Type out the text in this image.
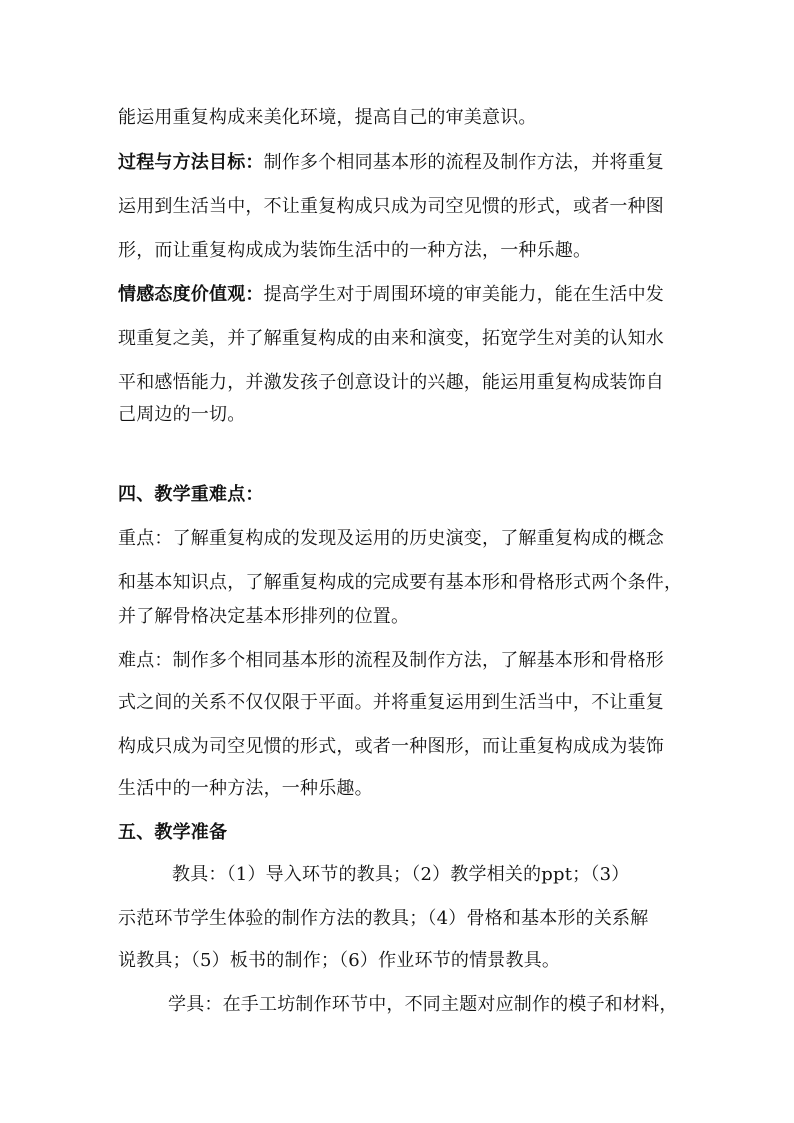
能运用重复构成来美化环境，提高自己的审美意识。
过程与方法目标：制作多个相同基本形的流程及制作方法，并将重复
运用到生活当中，不让重复构成只成为司空见惯的形式，或者一种图
形，而让重复构成成为装饰生活中的一种方法，一种乐趣。
情感态度价值观：提高学生对于周围环境的审美能力，能在生活中发
现重复之美，并了解重复构成的由来和演变，拓宽学生对美的认知水
平和感悟能力，并激发孩子创意设计的兴趣，能运用重复构成装饰自
己周边的一切。
四、教学重难点：
重点：了解重复构成的发现及运用的历史演变，了解重复构成的概念
和基本知识点，了解重复构成的完成要有基本形和骨格形式两个条件，
并了解骨格决定基本形排列的位置。
难点：制作多个相同基本形的流程及制作方法，了解基本形和骨格形
式之间的关系不仅仅限于平面。并将重复运用到生活当中，不让重复
构成只成为司空见惯的形式，或者一种图形，而让重复构成成为装饰
生活中的一种方法，一种乐趣。
五、教学准备
教具：（1）导入环节的教具；（2）教学相关的ppt；（3）
示范环节学生体验的制作方法的教具；（4）骨格和基本形的关系解
说教具；（5）板书的制作；（6）作业环节的情景教具。
学具：在手工坊制作环节中，不同主题对应制作的模子和材料，
